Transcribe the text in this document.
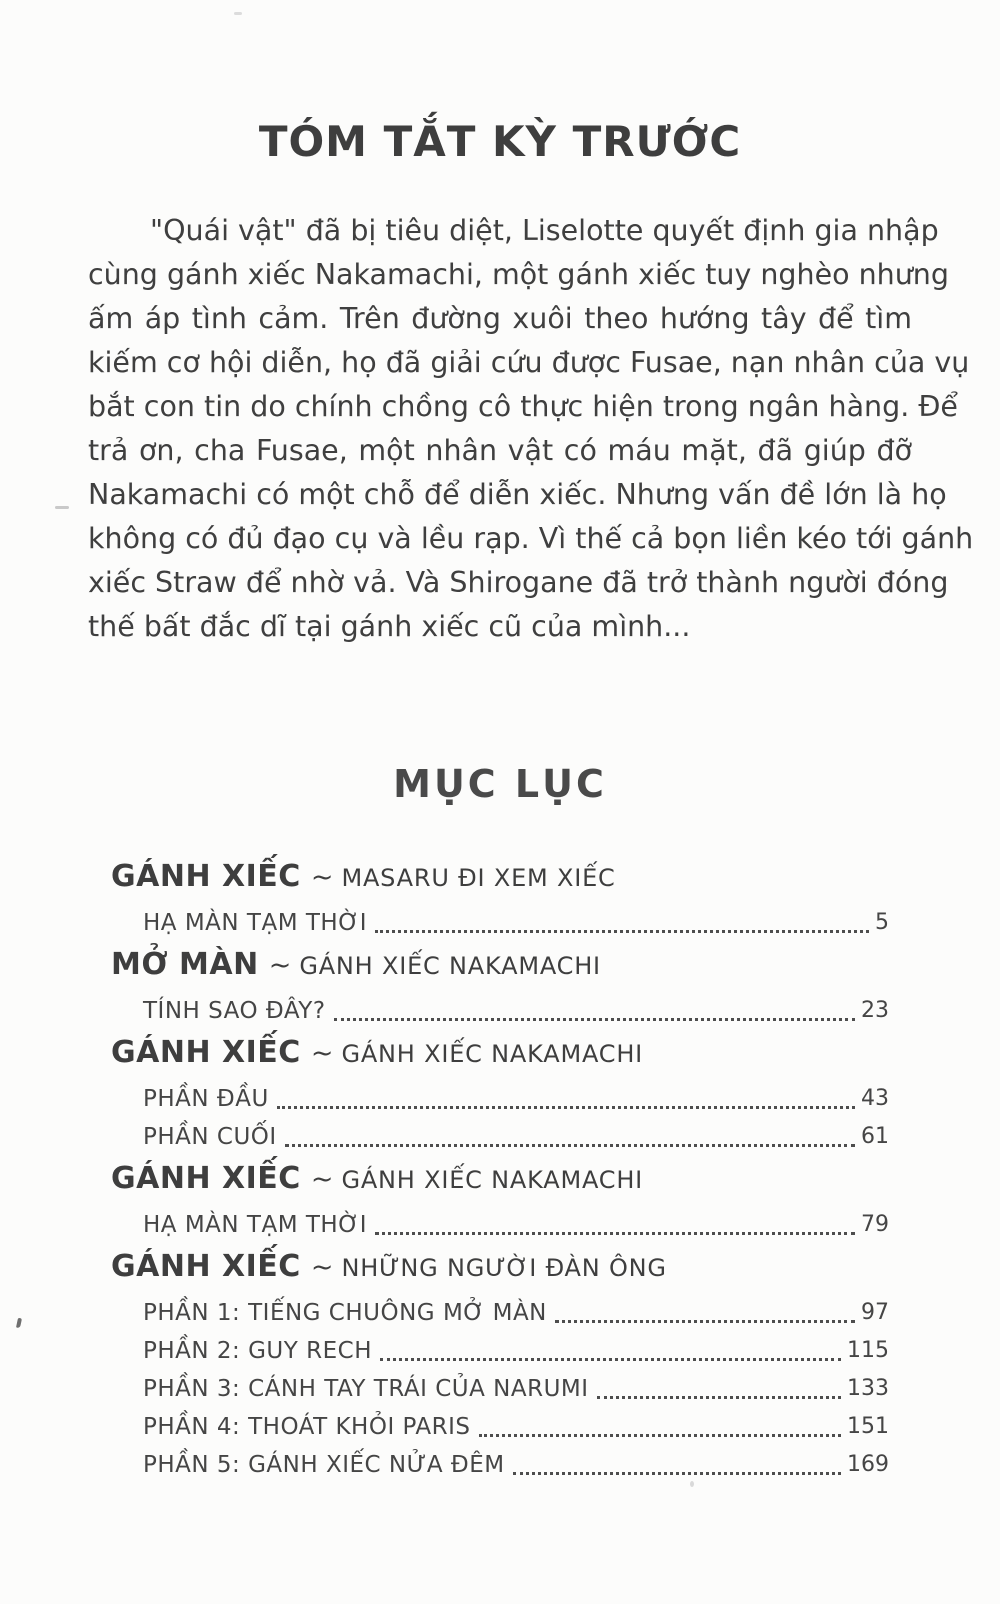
TÓM TẮT KỲ TRƯỚC
"Quái vật" đã bị tiêu diệt, Liselotte quyết định gia nhập
cùng gánh xiếc Nakamachi, một gánh xiếc tuy nghèo nhưng
ấm áp tình cảm. Trên đường xuôi theo hướng tây để tìm
kiếm cơ hội diễn, họ đã giải cứu được Fusae, nạn nhân của vụ
bắt con tin do chính chồng cô thực hiện trong ngân hàng. Để
trả ơn, cha Fusae, một nhân vật có máu mặt, đã giúp đỡ
Nakamachi có một chỗ để diễn xiếc. Nhưng vấn đề lớn là họ
không có đủ đạo cụ và lều rạp. Vì thế cả bọn liền kéo tới gánh
xiếc Straw để nhờ vả. Và Shirogane đã trở thành người đóng
thế bất đắc dĩ tại gánh xiếc cũ của mình...
MỤC LỤC
GÁNH XIẾC ~ MASARU ĐI XEM XIẾC
HẠ MÀN TẠM THỜI	5
MỞ MÀN ~ GÁNH XIẾC NAKAMACHI
TÍNH SAO ĐÂY?	23
GÁNH XIẾC ~ GÁNH XIẾC NAKAMACHI
PHẦN ĐẦU	43
PHẦN CUỐI	61
GÁNH XIẾC ~ GÁNH XIẾC NAKAMACHI
HẠ MÀN TẠM THỜI	79
GÁNH XIẾC ~ NHỮNG NGƯỜI ĐÀN ÔNG
PHẦN 1: TIẾNG CHUÔNG MỞ MÀN	97
PHẦN 2: GUY RECH	115
PHẦN 3: CÁNH TAY TRÁI CỦA NARUMI	133
PHẦN 4: THOÁT KHỎI PARIS	151
PHẦN 5: GÁNH XIẾC NỬA ĐÊM	169
